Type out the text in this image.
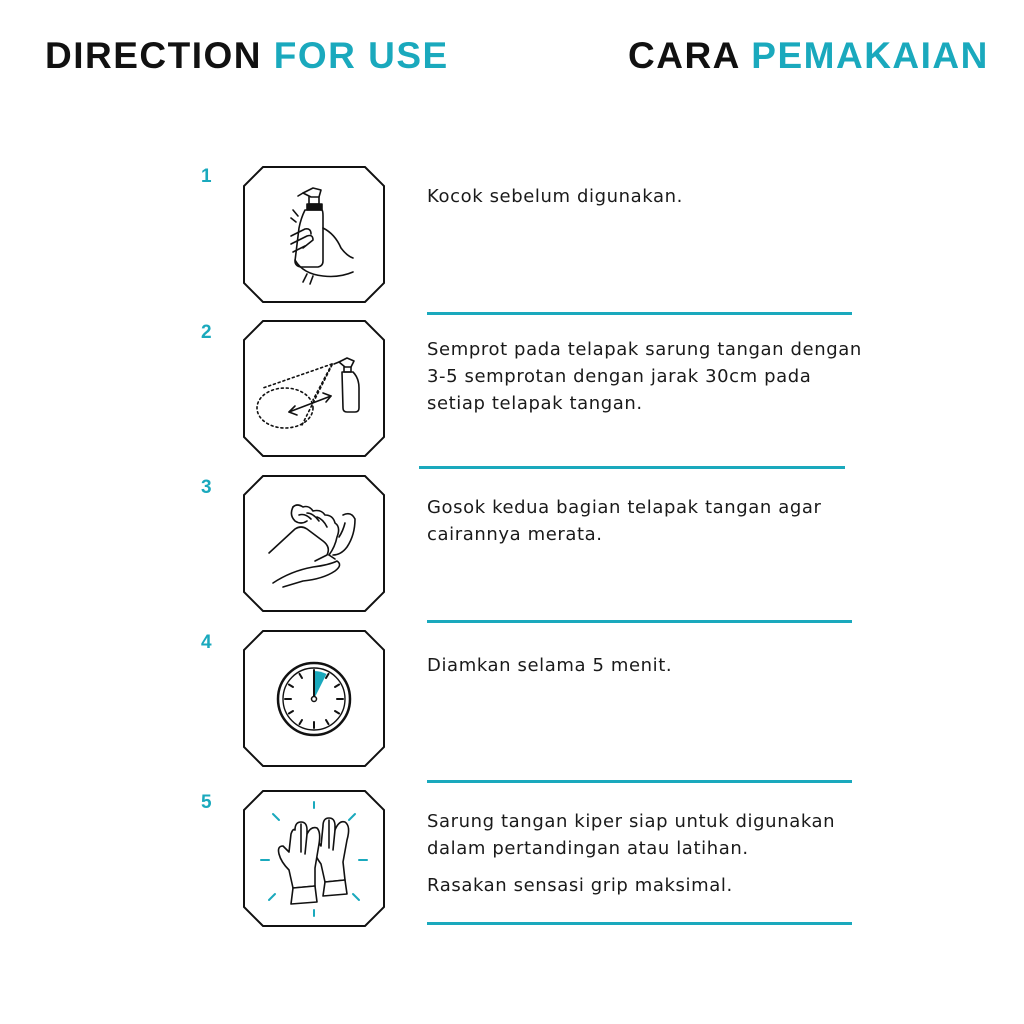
DIRECTION FOR USE	CARA PEMAKAIAN
1

Kocok sebelum digunakan.

2

Semprot pada telapak sarung tangan dengan 3-5 semprotan dengan jarak 30cm pada setiap telapak tangan.

3

Gosok kedua bagian telapak tangan agar cairannya merata.

4

Diamkan selama 5 menit.

5

Sarung tangan kiper siap untuk digunakan dalam pertandingan atau latihan.

Rasakan sensasi grip maksimal.
